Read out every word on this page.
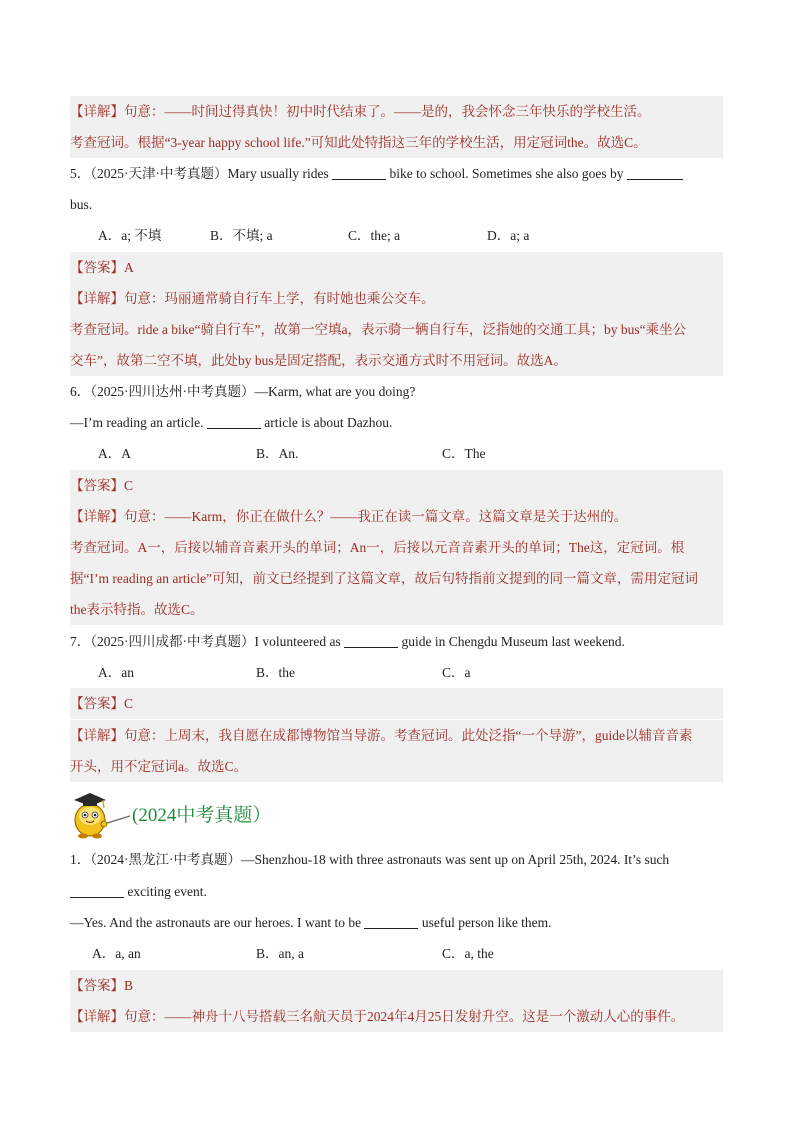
【详解】句意：——时间过得真快！初中时代结束了。——是的，我会怀念三年快乐的学校生活。
考查冠词。根据“3-year happy school life.”可知此处特指这三年的学校生活，用定冠词the。故选C。
5．（2025·天津·中考真题）Mary usually rides	bike to school. Sometimes she also goes by
bus.
A．a; 不填	B．不填; a	C．the; a	D．a; a
【答案】A
【详解】句意：玛丽通常骑自行车上学，有时她也乘公交车。
考查冠词。ride a bike“骑自行车”，故第一空填a，表示骑一辆自行车，泛指她的交通工具；by bus“乘坐公
交车”，故第二空不填，此处by bus是固定搭配，表示交通方式时不用冠词。故选A。
6．（2025·四川达州·中考真题）—Karm, what are you doing?
—I’m reading an article.	article is about Dazhou.
A．A	B．An.	C．The
【答案】C
【详解】句意：——Karm，你正在做什么？——我正在读一篇文章。这篇文章是关于达州的。
考查冠词。A一，后接以辅音音素开头的单词；An一，后接以元音音素开头的单词；The这，定冠词。根
据“I’m reading an article”可知，前文已经提到了这篇文章，故后句特指前文提到的同一篇文章，需用定冠词
the表示特指。故选C。
7．（2025·四川成都·中考真题）I volunteered as	guide in Chengdu Museum last weekend.
A．an	B．the	C．a
【答案】C
【详解】句意：上周末，我自愿在成都博物馆当导游。考查冠词。此处泛指“一个导游”，guide以辅音音素
开头，用不定冠词a。故选C。
(2024中考真题）
1．（2024·黑龙江·中考真题）—Shenzhou-18 with three astronauts was sent up on April 25th, 2024. It’s such
exciting event.
—Yes. And the astronauts are our heroes. I want to be	useful person like them.
A．a, an	B．an, a	C．a, the
【答案】B
【详解】句意：——神舟十八号搭载三名航天员于2024年4月25日发射升空。这是一个激动人心的事件。
